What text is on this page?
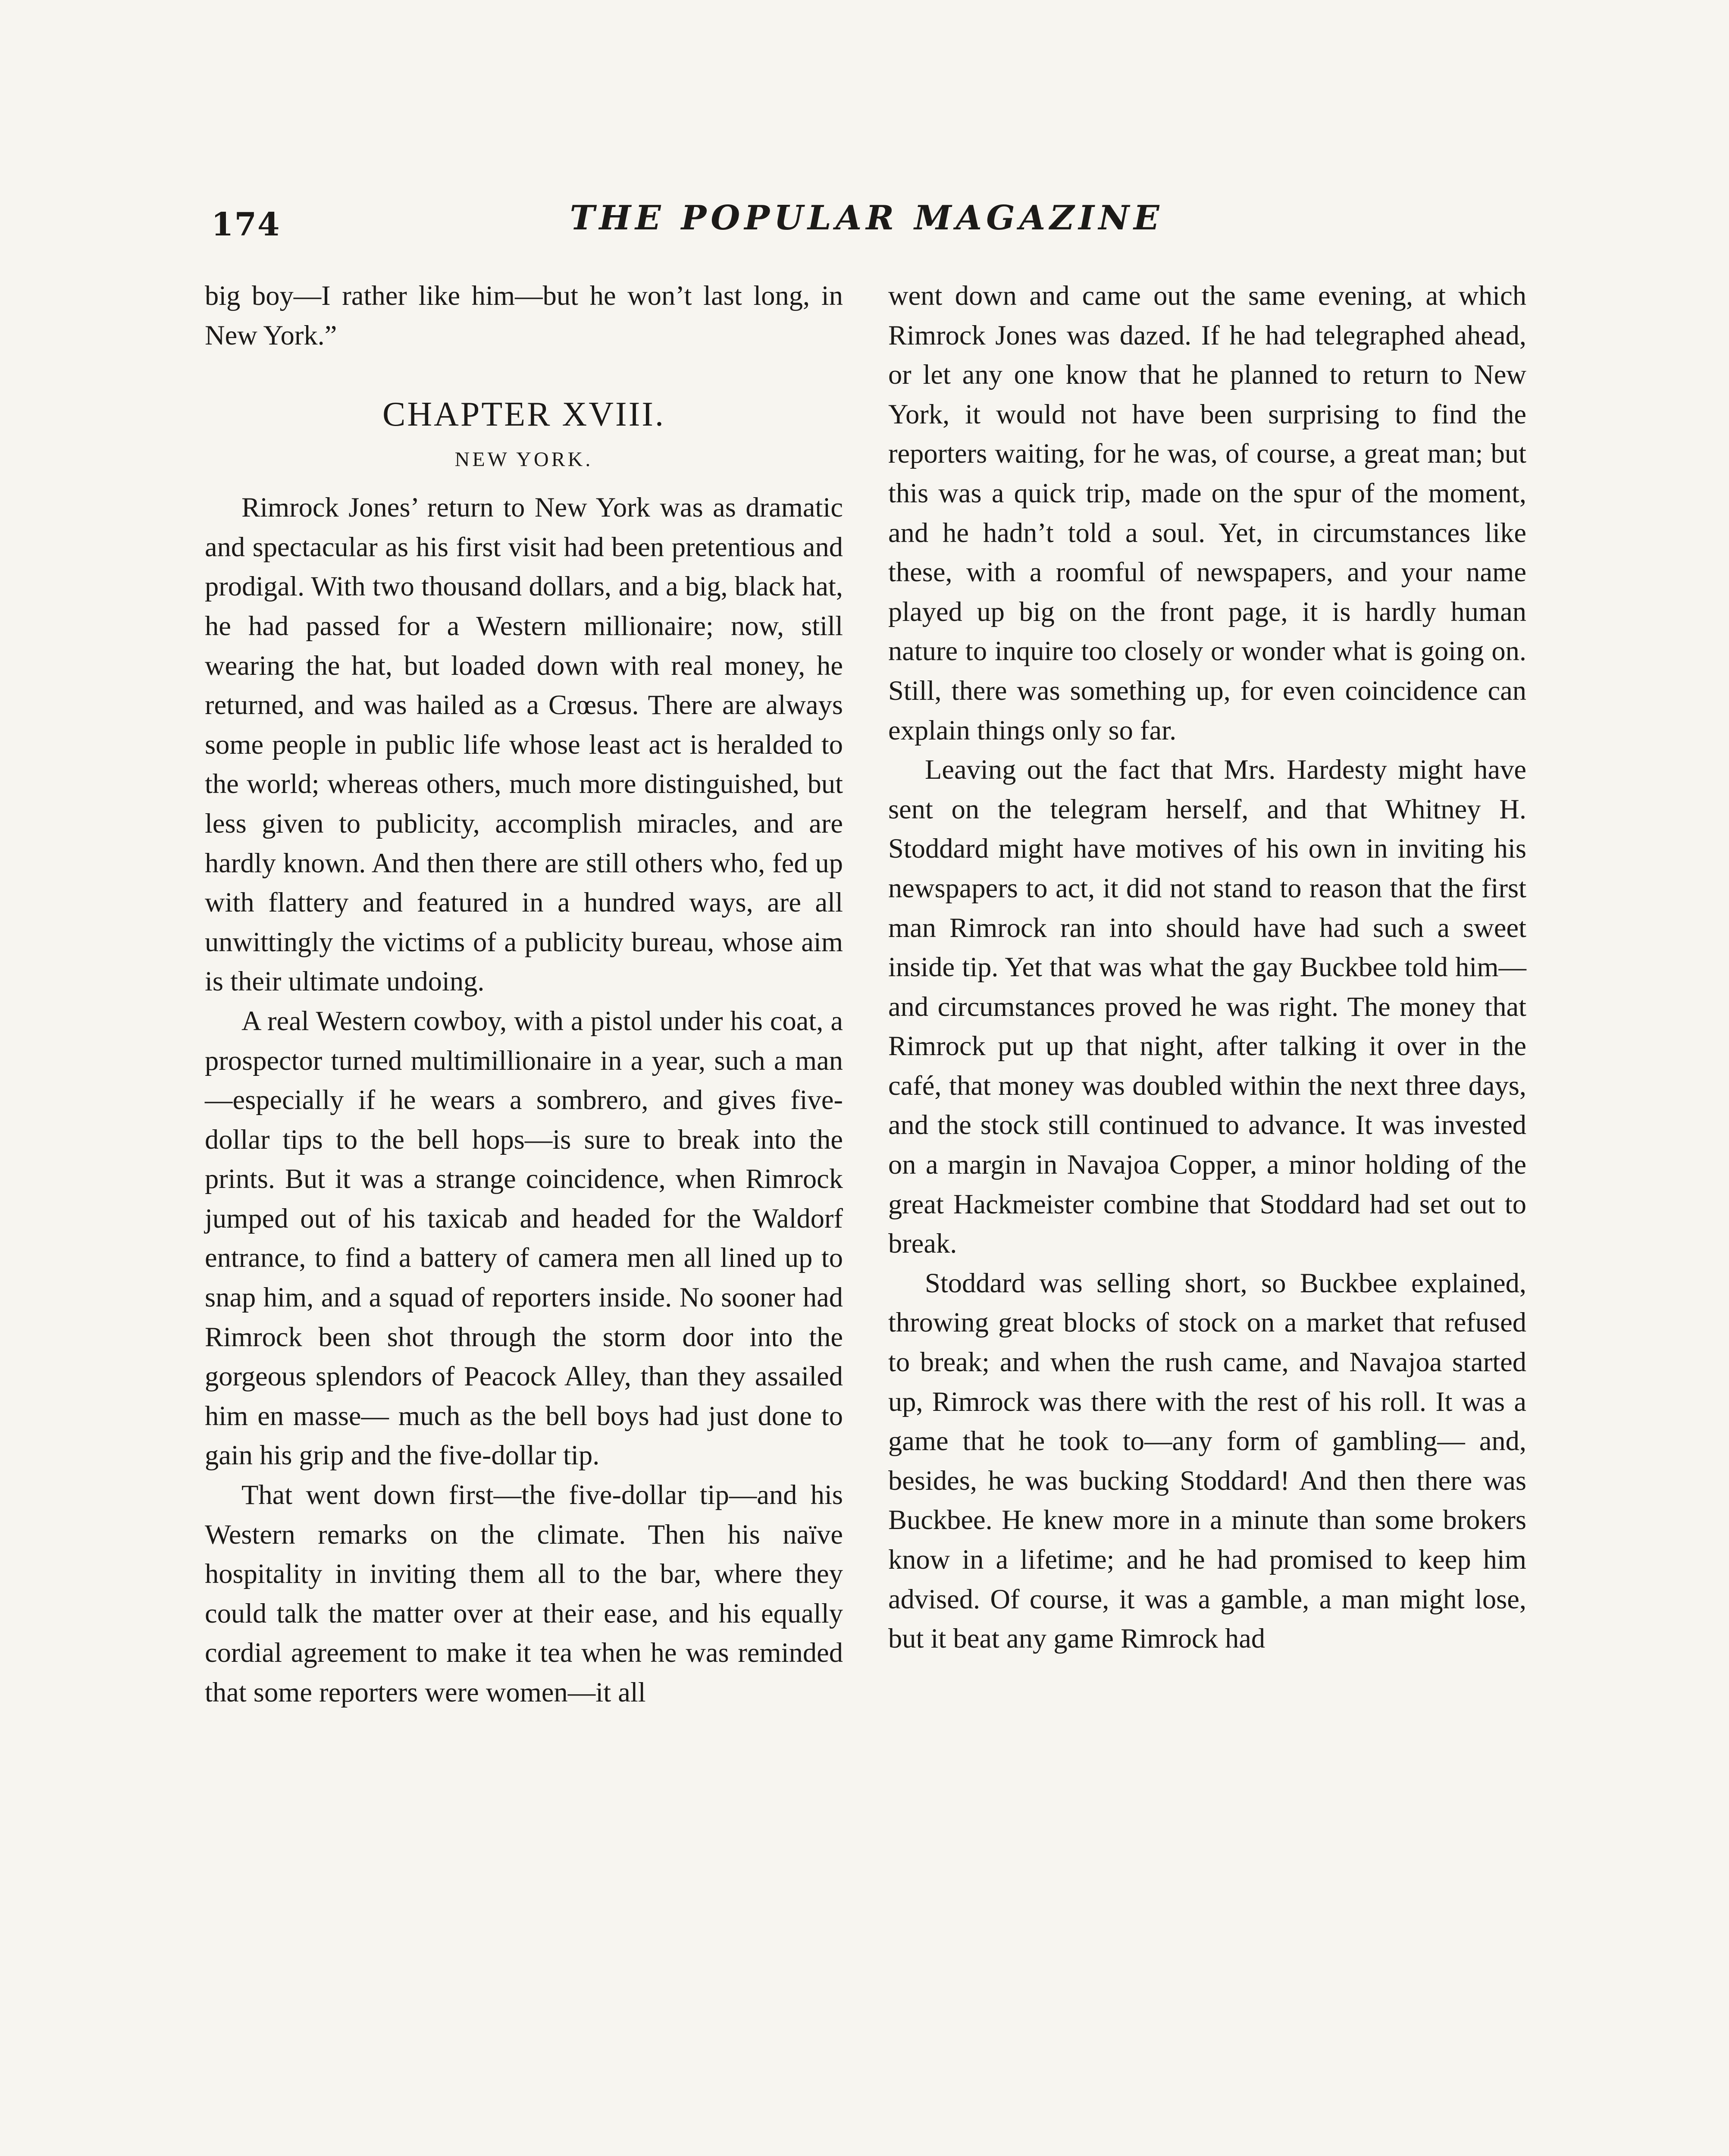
174	THE POPULAR MAGAZINE

big boy—I rather like him—but he won’t last long, in New York.”

CHAPTER XVIII.
NEW YORK.

Rimrock Jones’ return to New York was as dramatic and spectacular as his first visit had been pretentious and prodigal. With two thousand dollars, and a big, black hat, he had passed for a Western millionaire; now, still wearing the hat, but loaded down with real money, he returned, and was hailed as a Crœsus. There are always some people in public life whose least act is heralded to the world; whereas others, much more distinguished, but less given to publicity, accomplish miracles, and are hardly known. And then there are still others who, fed up with flattery and featured in a hundred ways, are all unwittingly the victims of a publicity bureau, whose aim is their ultimate undoing.

A real Western cowboy, with a pistol under his coat, a prospector turned multimillionaire in a year, such a man —especially if he wears a sombrero, and gives five-dollar tips to the bell hops—is sure to break into the prints. But it was a strange coincidence, when Rimrock jumped out of his taxicab and headed for the Waldorf entrance, to find a battery of camera men all lined up to snap him, and a squad of reporters inside. No sooner had Rimrock been shot through the storm door into the gorgeous splendors of Peacock Alley, than they assailed him en masse— much as the bell boys had just done to gain his grip and the five-dollar tip.

That went down first—the five-dollar tip—and his Western remarks on the climate. Then his naïve hospitality in inviting them all to the bar, where they could talk the matter over at their ease, and his equally cordial agreement to make it tea when he was reminded that some reporters were women—it all

went down and came out the same evening, at which Rimrock Jones was dazed. If he had telegraphed ahead, or let any one know that he planned to return to New York, it would not have been surprising to find the reporters waiting, for he was, of course, a great man; but this was a quick trip, made on the spur of the moment, and he hadn’t told a soul. Yet, in circumstances like these, with a roomful of newspapers, and your name played up big on the front page, it is hardly human nature to inquire too closely or wonder what is going on. Still, there was something up, for even coincidence can explain things only so far.

Leaving out the fact that Mrs. Hardesty might have sent on the telegram herself, and that Whitney H. Stoddard might have motives of his own in inviting his newspapers to act, it did not stand to reason that the first man Rimrock ran into should have had such a sweet inside tip. Yet that was what the gay Buckbee told him—and circumstances proved he was right. The money that Rimrock put up that night, after talking it over in the café, that money was doubled within the next three days, and the stock still continued to advance. It was invested on a margin in Navajoa Copper, a minor holding of the great Hackmeister combine that Stoddard had set out to break.

Stoddard was selling short, so Buckbee explained, throwing great blocks of stock on a market that refused to break; and when the rush came, and Navajoa started up, Rimrock was there with the rest of his roll. It was a game that he took to—any form of gambling— and, besides, he was bucking Stoddard! And then there was Buckbee. He knew more in a minute than some brokers know in a lifetime; and he had promised to keep him advised. Of course, it was a gamble, a man might lose, but it beat any game Rimrock had
